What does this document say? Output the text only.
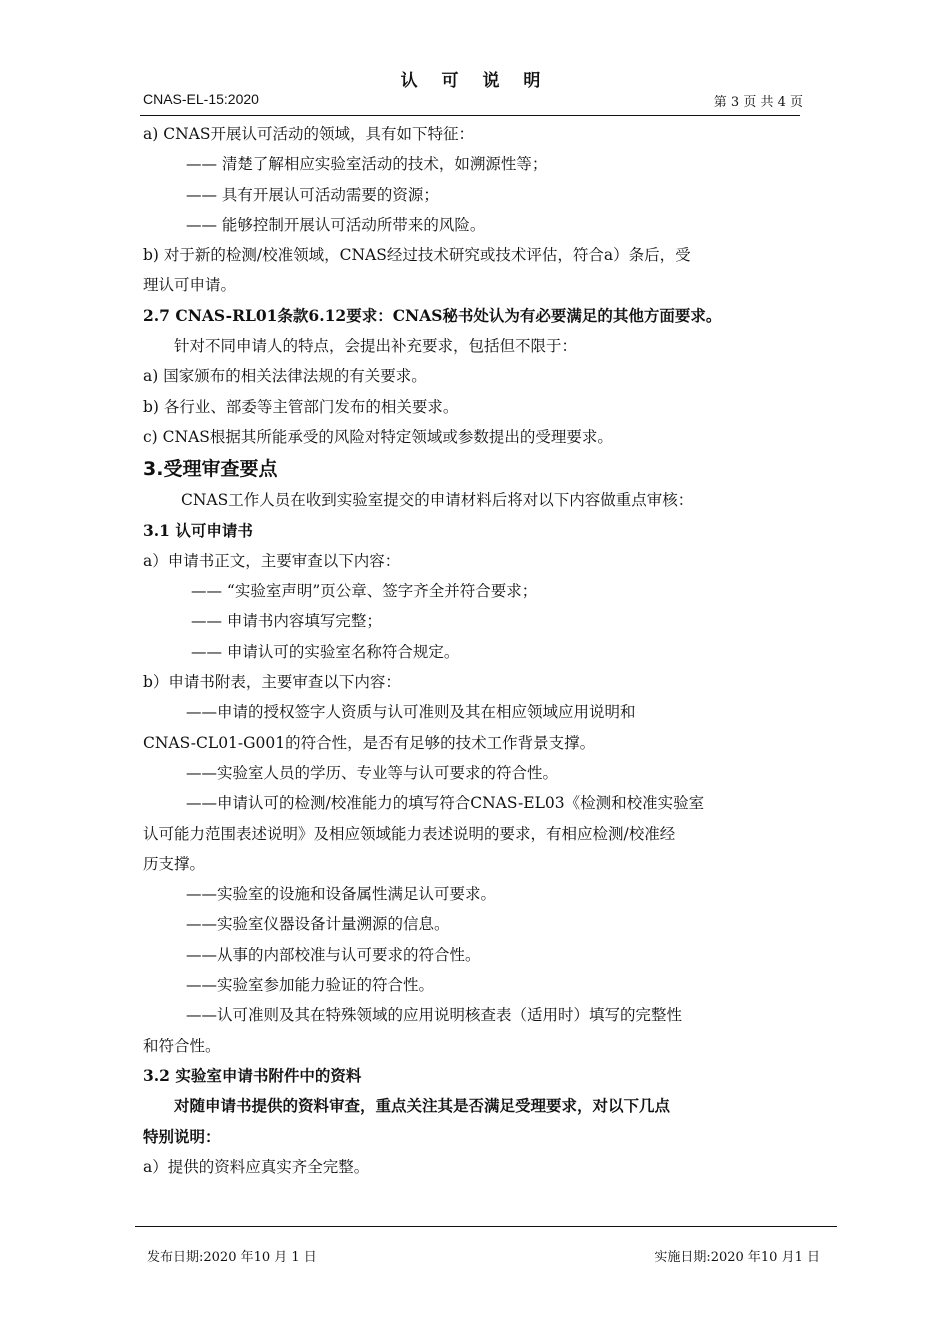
认 可 说 明
CNAS-EL-15:2020	第 3 页 共 4 页
a) CNAS开展认可活动的领域，具有如下特征：
—— 清楚了解相应实验室活动的技术，如溯源性等；
—— 具有开展认可活动需要的资源；
—— 能够控制开展认可活动所带来的风险。
b) 对于新的检测/校准领域，CNAS经过技术研究或技术评估，符合a）条后，受
理认可申请。
2.7 CNAS-RL01条款6.12要求：CNAS秘书处认为有必要满足的其他方面要求。
针对不同申请人的特点，会提出补充要求，包括但不限于：
a) 国家颁布的相关法律法规的有关要求。
b) 各行业、部委等主管部门发布的相关要求。
c) CNAS根据其所能承受的风险对特定领域或参数提出的受理要求。
3.受理审查要点
CNAS工作人员在收到实验室提交的申请材料后将对以下内容做重点审核：
3.1 认可申请书
a）申请书正文，主要审查以下内容：
—— “实验室声明”页公章、签字齐全并符合要求；
—— 申请书内容填写完整；
—— 申请认可的实验室名称符合规定。
b）申请书附表，主要审查以下内容：
——申请的授权签字人资质与认可准则及其在相应领域应用说明和
CNAS-CL01-G001的符合性，是否有足够的技术工作背景支撑。
——实验室人员的学历、专业等与认可要求的符合性。
——申请认可的检测/校准能力的填写符合CNAS-EL03《检测和校准实验室
认可能力范围表述说明》及相应领域能力表述说明的要求，有相应检测/校准经
历支撑。
——实验室的设施和设备属性满足认可要求。
——实验室仪器设备计量溯源的信息。
——从事的内部校准与认可要求的符合性。
——实验室参加能力验证的符合性。
——认可准则及其在特殊领域的应用说明核查表（适用时）填写的完整性
和符合性。
3.2 实验室申请书附件中的资料
对随申请书提供的资料审查，重点关注其是否满足受理要求，对以下几点
特别说明：
a）提供的资料应真实齐全完整。
发布日期:2020 年10 月 1 日	实施日期:2020 年10 月1 日
